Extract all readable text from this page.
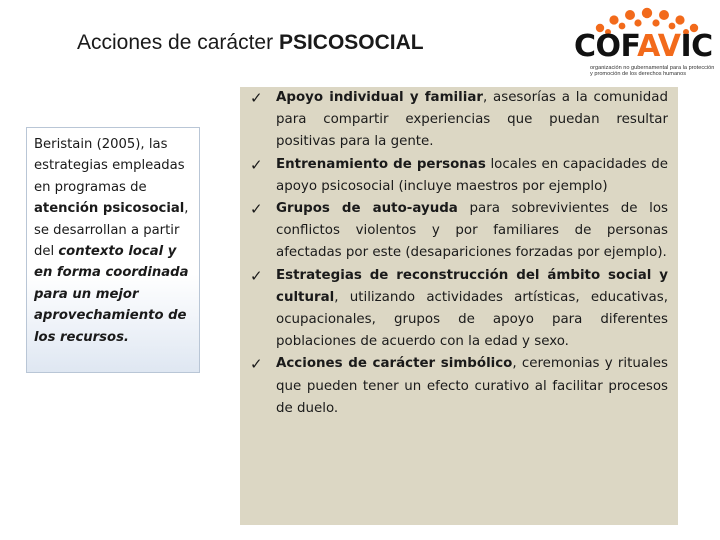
Acciones de carácter PSICOSOCIAL	COFAVIC
organización no gubernamental para la protección
y promoción de los derechos humanos
Beristain (2005), las estrategias empleadas en programas de atención psicosocial, se desarrollan a partir del contexto local y en forma coordinada para un mejor aprovechamiento de los recursos.
✓	Apoyo individual y familiar, asesorías a la comunidad para compartir experiencias que puedan resultar positivas para la gente.
✓	Entrenamiento de personas locales en capacidades de apoyo psicosocial (incluye maestros por ejemplo)
✓	Grupos de auto-ayuda para sobrevivientes de los conflictos violentos y por familiares de personas afectadas por este (desapariciones forzadas por ejemplo).
✓	Estrategias de reconstrucción del ámbito social y cultural, utilizando actividades artísticas, educativas, ocupacionales, grupos de apoyo para diferentes poblaciones de acuerdo con la edad y sexo.
✓	Acciones de carácter simbólico, ceremonias y rituales que pueden tener un efecto curativo al facilitar procesos de duelo.
